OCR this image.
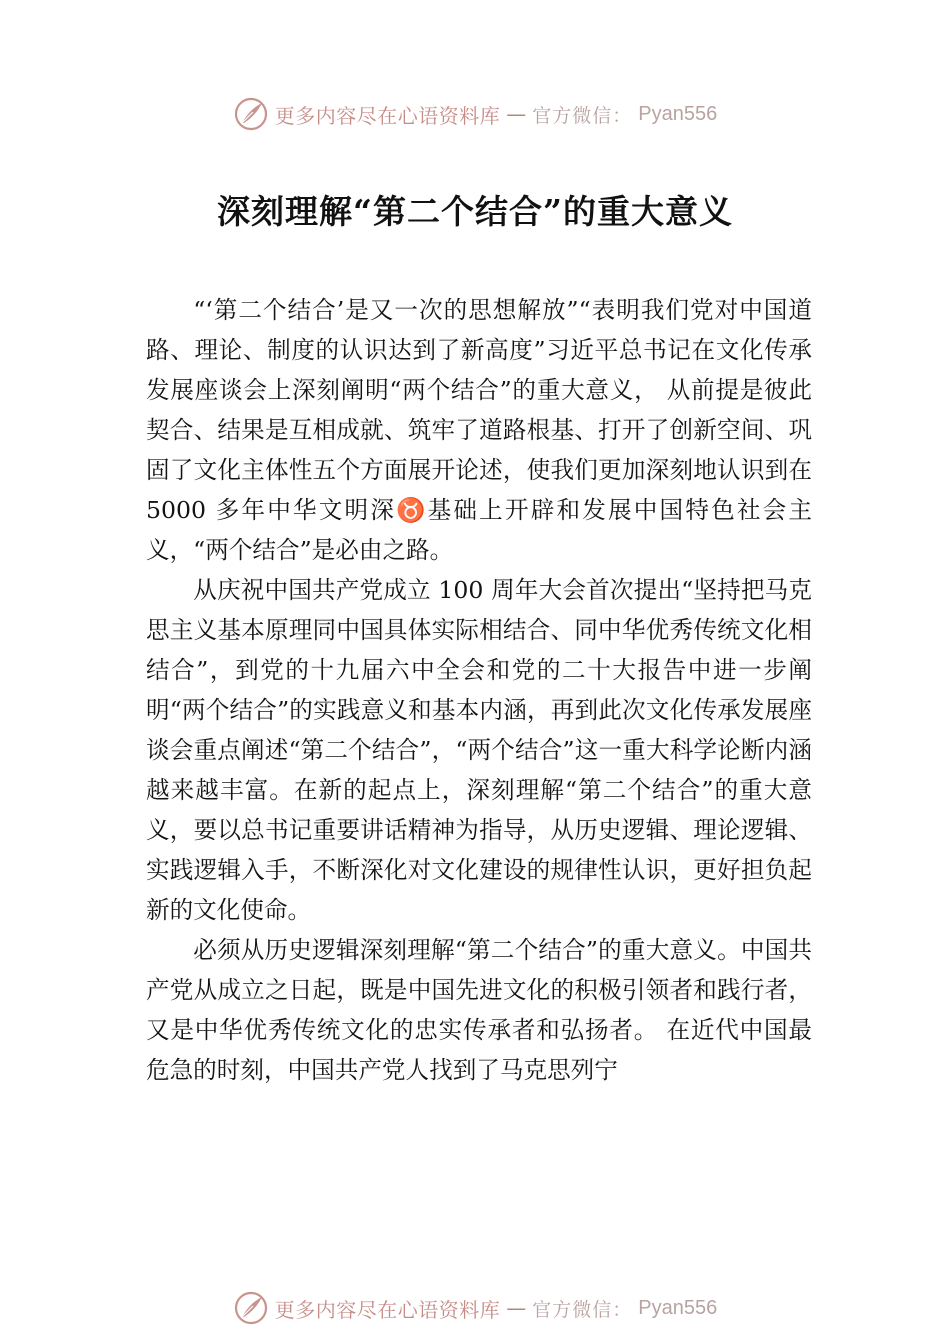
更多内容尽在心语资料库 — 官方微信： Pyan556
深刻理解“第二个结合”的重大意义

“‘第二个结合’是又一次的思想解放”“表明我们党对中国道路、理论、制度的认识达到了新高度”习近平总书记在文化传承发展座谈会上深刻阐明“两个结合”的重大意义， 从前提是彼此契合、结果是互相成就、筑牢了道路根基、打开了创新空间、巩固了文化主体性五个方面展开论述，使我们更加深刻地认识到在 5000 多年中华文明深♉基础上开辟和发展中国特色社会主义，“两个结合”是必由之路。

从庆祝中国共产党成立 100 周年大会首次提出“坚持把马克思主义基本原理同中国具体实际相结合、同中华优秀传统文化相结合”，到党的十九届六中全会和党的二十大报告中进一步阐明“两个结合”的实践意义和基本内涵，再到此次文化传承发展座谈会重点阐述“第二个结合”，“两个结合”这一重大科学论断内涵越来越丰富。在新的起点上，深刻理解“第二个结合”的重大意义，要以总书记重要讲话精神为指导，从历史逻辑、理论逻辑、实践逻辑入手，不断深化对文化建设的规律性认识，更好担负起新的文化使命。

必须从历史逻辑深刻理解“第二个结合”的重大意义。中国共产党从成立之日起，既是中国先进文化的积极引领者和践行者，又是中华优秀传统文化的忠实传承者和弘扬者。 在近代中国最危急的时刻，中国共产党人找到了马克思列宁

更多内容尽在心语资料库 — 官方微信： Pyan556
